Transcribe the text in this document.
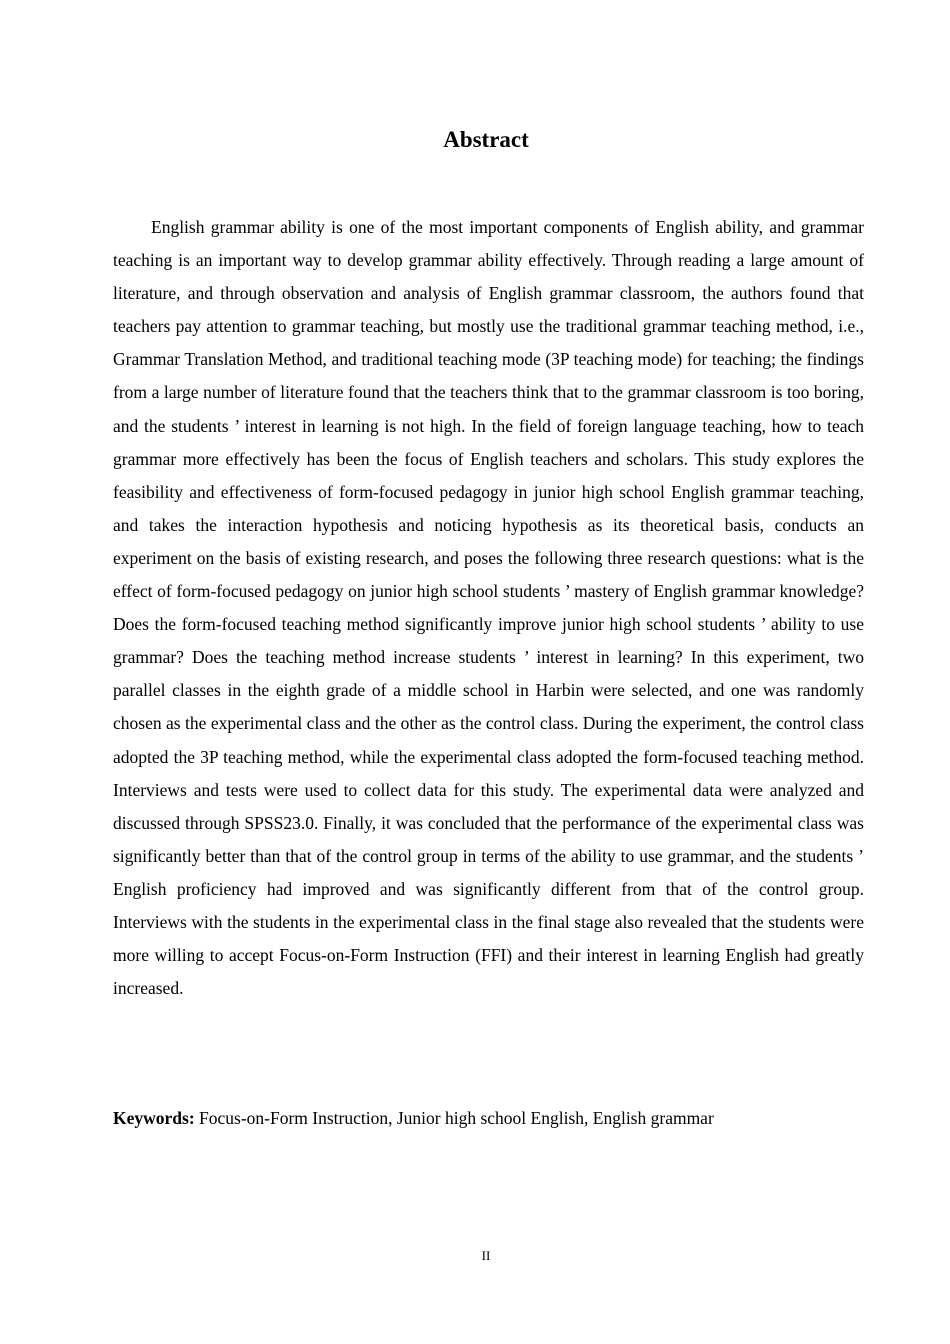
Abstract

English grammar ability is one of the most important components of English ability, and grammar teaching is an important way to develop grammar ability effectively. Through reading a large amount of literature, and through observation and analysis of English grammar classroom, the authors found that teachers pay attention to grammar teaching, but mostly use the traditional grammar teaching method, i.e., Grammar Translation Method, and traditional teaching mode (3P teaching mode) for teaching; the findings from a large number of literature found that the teachers think that to the grammar classroom is too boring, and the students ’ interest in learning is not high. In the field of foreign language teaching, how to teach grammar more effectively has been the focus of English teachers and scholars. This study explores the feasibility and effectiveness of form-focused pedagogy in junior high school English grammar teaching, and takes the interaction hypothesis and noticing hypothesis as its theoretical basis, conducts an experiment on the basis of existing research, and poses the following three research questions: what is the effect of form-focused pedagogy on junior high school students ’ mastery of English grammar knowledge? Does the form-focused teaching method significantly improve junior high school students ’ ability to use grammar? Does the teaching method increase students ’ interest in learning? In this experiment, two parallel classes in the eighth grade of a middle school in Harbin were selected, and one was randomly chosen as the experimental class and the other as the control class. During the experiment, the control class adopted the 3P teaching method, while the experimental class adopted the form-focused teaching method. Interviews and tests were used to collect data for this study. The experimental data were analyzed and discussed through SPSS23.0. Finally, it was concluded that the performance of the experimental class was significantly better than that of the control group in terms of the ability to use grammar, and the students ’ English proficiency had improved and was significantly different from that of the control group. Interviews with the students in the experimental class in the final stage also revealed that the students were more willing to accept Focus-on-Form Instruction (FFI) and their interest in learning English had greatly increased.

Keywords: Focus-on-Form Instruction, Junior high school English, English grammar

II
